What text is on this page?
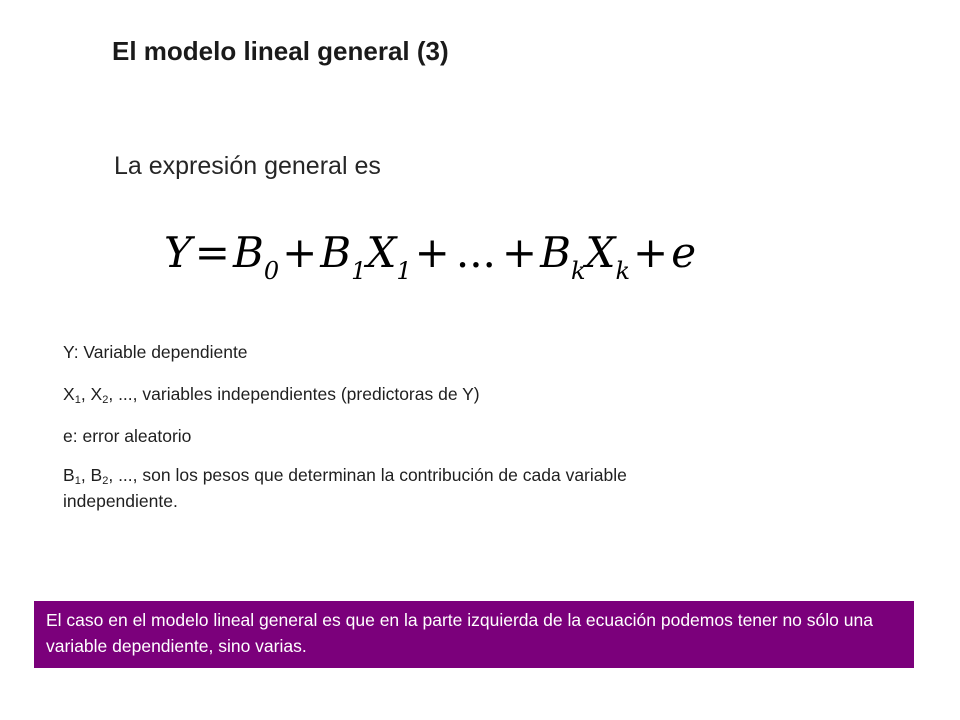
El modelo lineal general (3)
La expresión general es
$Y=B_0+B_1X_1+$ ... $+B_kX_k+e$
Y: Variable dependiente
$X_1$, $X_2$, ..., variables independientes (predictoras de Y)
e: error aleatorio
$B_1$, $B_2$, ..., son los pesos que determinan la contribución de cada variable independiente.
El caso en el modelo lineal general es que en la parte izquierda de la ecuación podemos tener no sólo una variable dependiente, sino varias.
